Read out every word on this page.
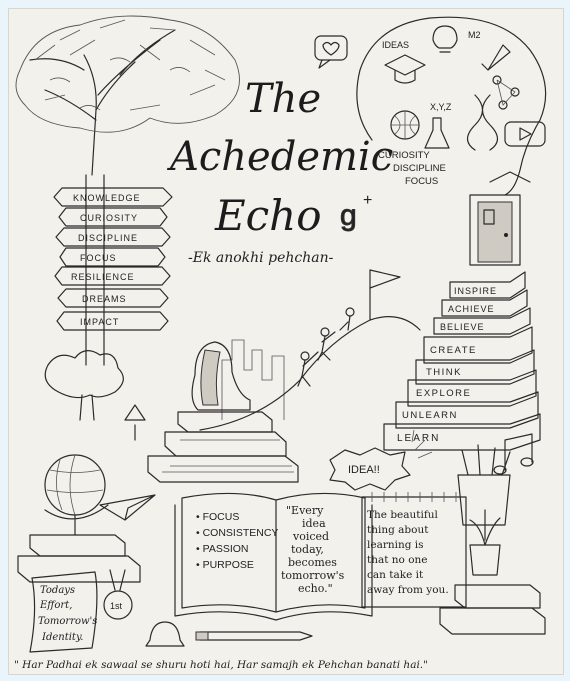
KNOWLEDGE
CURIOSITY
DISCIPLINE
FOCUS
RESILIENCE
DREAMS
IMPACT
The
Achedemic
Echo
-Ek anokhi pehchan-
g +
IDEAS
M2
X,Y,Z
CURIOSITY
DISCIPLINE
FOCUS
INSPIRE
ACHIEVE
BELIEVE
CREATE
THINK
EXPLORE
UNLEARN
LEARN
IDEA!!
Todays
Effort,
Tomorrow's
Identity.
1st
• FOCUS
• CONSISTENCY
• PASSION
• PURPOSE
"Every
idea
voiced
today,
becomes
tomorrow's
echo."
The beautiful
thing about
learning is
that no one
can take it
away from you.
" Har Padhai ek sawaal se shuru hoti hai, Har samajh ek Pehchan banati hai."
